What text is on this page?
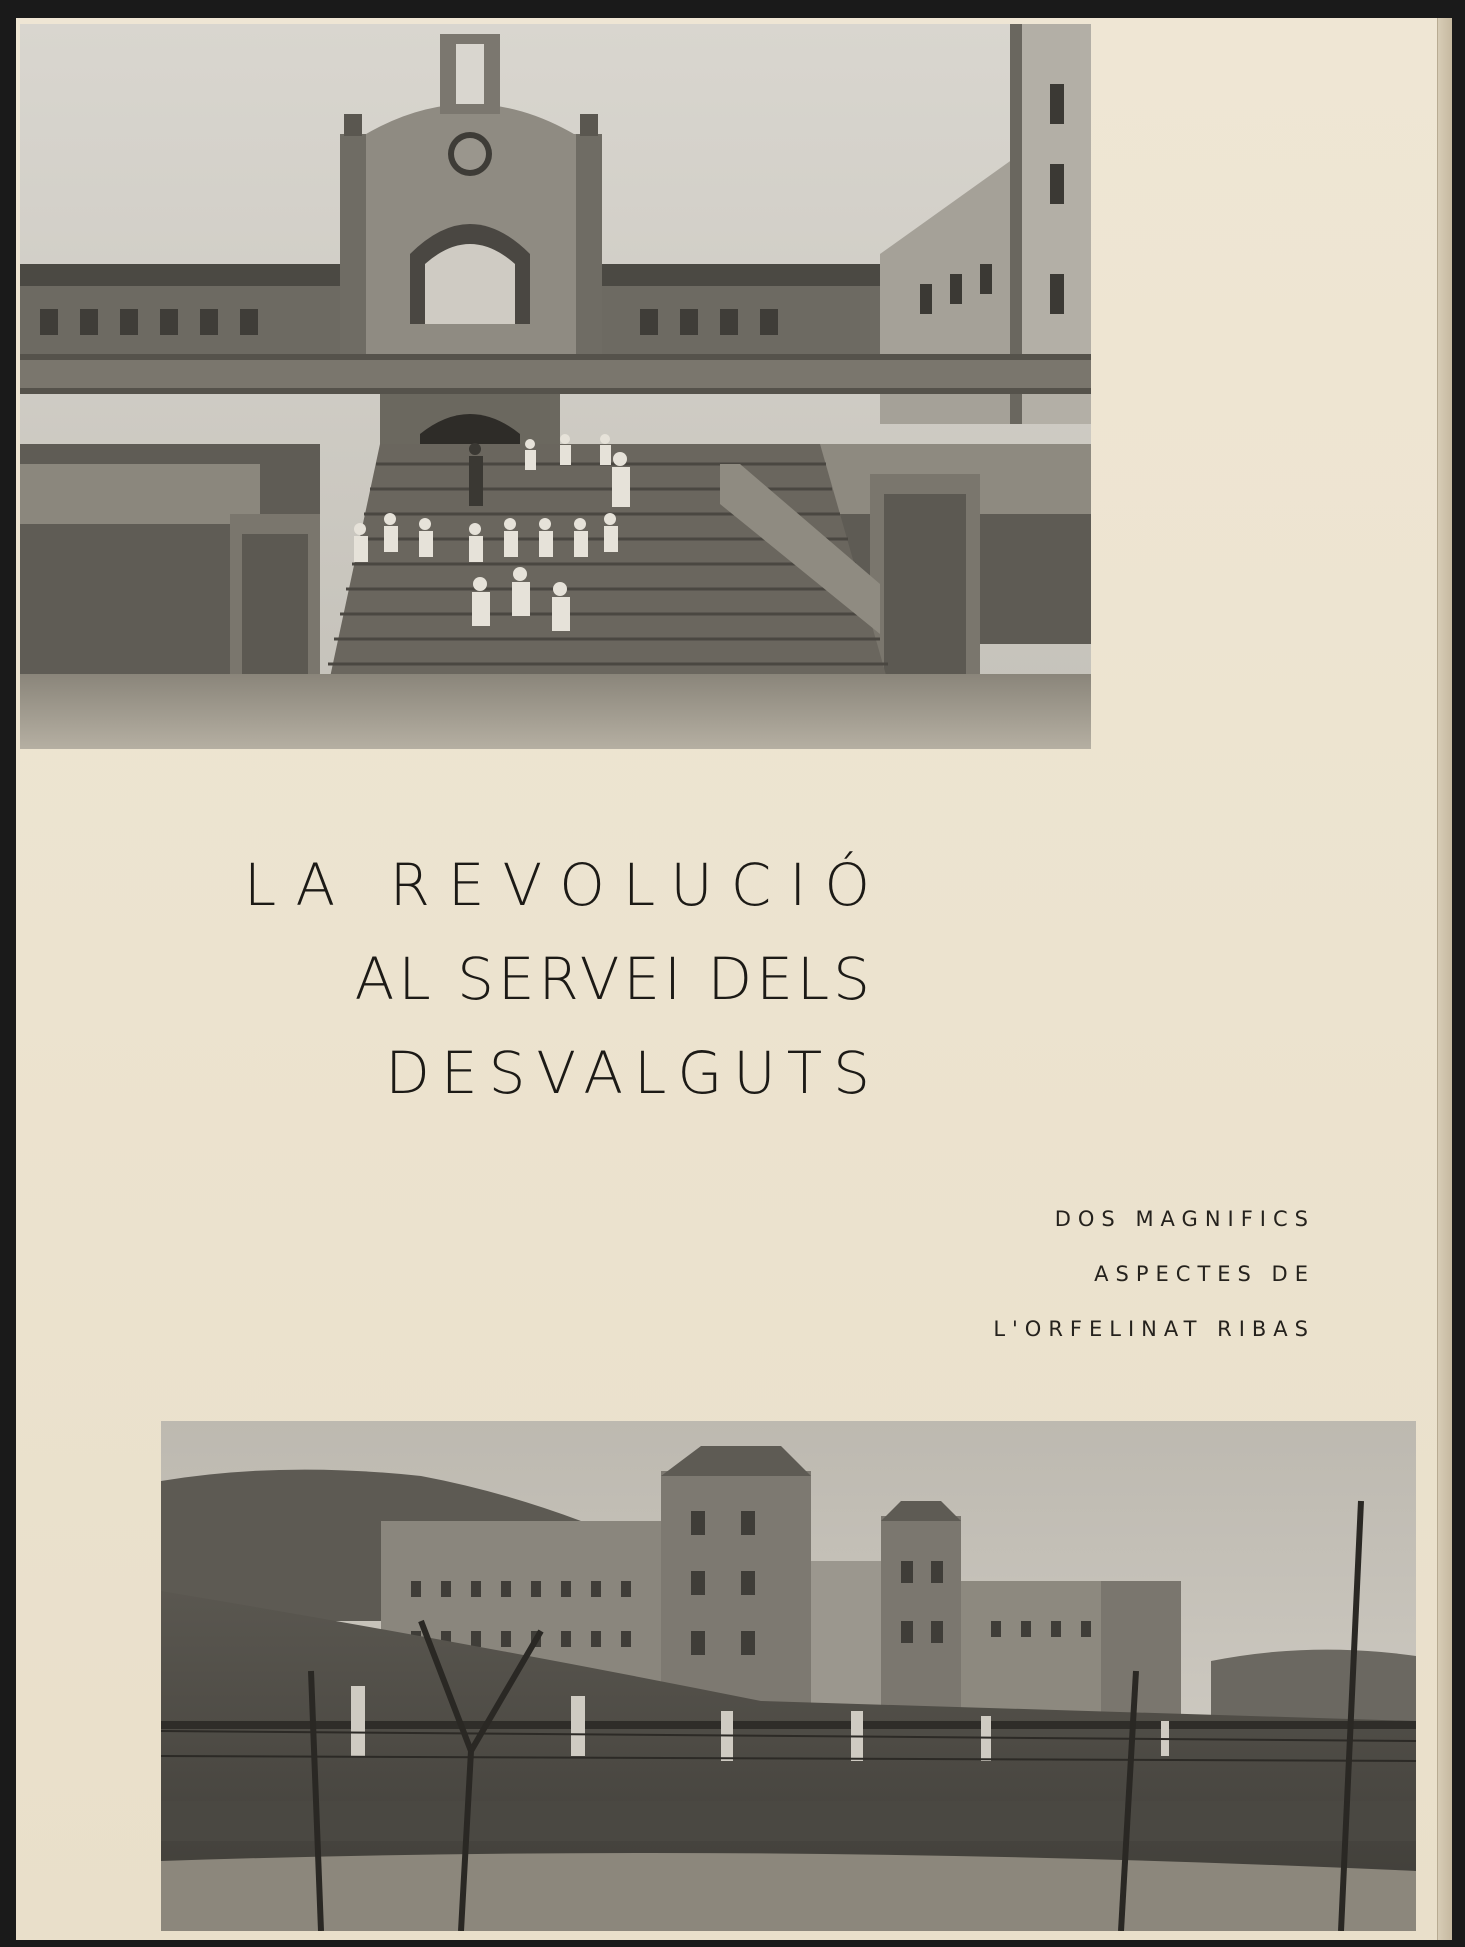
LA REVOLUCIÓ
AL SERVEI DELS
DESVALGUTS
DOS MAGNIFICS
ASPECTES DE
L'ORFELINAT RIBAS
